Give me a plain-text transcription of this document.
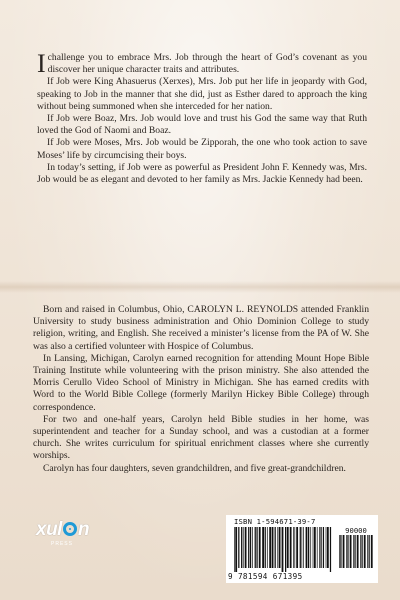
Ichallenge you to embrace Mrs. Job through the heart of God’s covenant as you discover her unique character traits and attributes.

If Job were King Ahasuerus (Xerxes), Mrs. Job put her life in jeopardy with God, speaking to Job in the manner that she did, just as Esther dared to approach the king without being summoned when she interceded for her nation.

If Job were Boaz, Mrs. Job would love and trust his God the same way that Ruth loved the God of Naomi and Boaz.

If Job were Moses, Mrs. Job would be Zipporah, the one who took action to save Moses’ life by circumcising their boys.

In today’s setting, if Job were as powerful as President John F. Kennedy was, Mrs. Job would be as elegant and devoted to her family as Mrs. Jackie Kennedy had been.

Born and raised in Columbus, Ohio, CAROLYN L. REYNOLDS attended Franklin University to study business administration and Ohio Dominion College to study religion, writing, and English. She received a minister’s license from the PA of W. She was also a certified volunteer with Hospice of Columbus.

In Lansing, Michigan, Carolyn earned recognition for attending Mount Hope Bible Training Institute while volunteering with the prison ministry. She also attended the Morris Cerullo Video School of Ministry in Michigan. She has earned credits with Word to the World Bible College (formerly Marilyn Hickey Bible College) through correspondence.

For two and one-half years, Carolyn held Bible studies in her home, was superintendent and teacher for a Sunday school, and was a custodian at a former church. She writes curriculum for spiritual enrichment classes where she currently worships.

Carolyn has four daughters, seven grandchildren, and five great-grandchildren.

xul n
PRESS
ISBN 1-594671-39-7
90000
9 781594 671395
